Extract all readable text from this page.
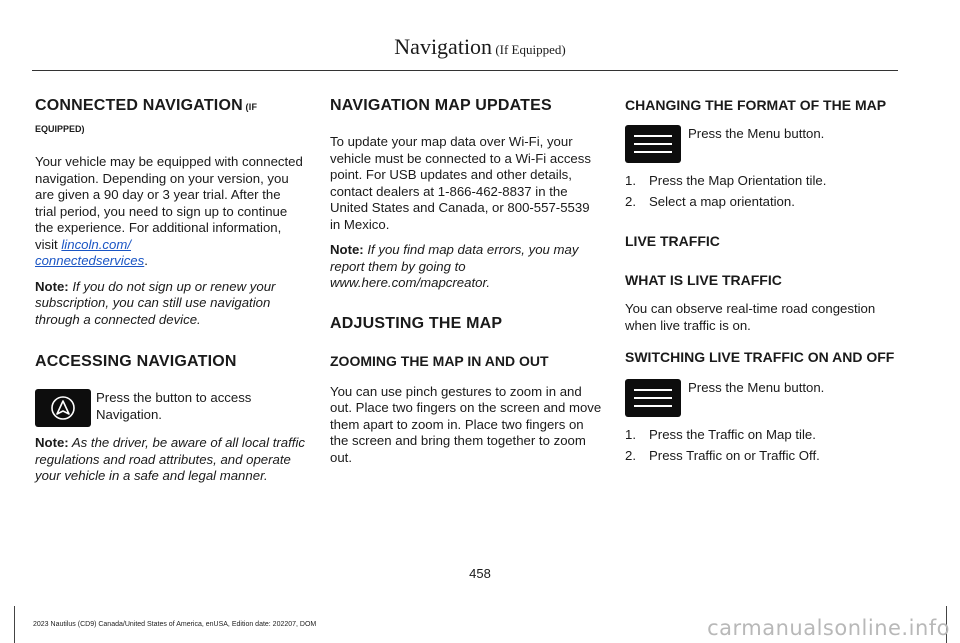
Navigation (If Equipped)
CONNECTED NAVIGATION (IF
EQUIPPED)

Your vehicle may be equipped with connected navigation. Depending on your version, you are given a 90 day or 3 year trial. After the trial period, you need to sign up to continue the experience. For additional information, visit lincoln.com/
connectedservices.

Note: If you do not sign up or renew your subscription, you can still use navigation through a connected device.

ACCESSING NAVIGATION

Press the button to access Navigation.

Note: As the driver, be aware of all local traffic regulations and road attributes, and operate your vehicle in a safe and legal manner.

NAVIGATION MAP UPDATES

To update your map data over Wi-Fi, your vehicle must be connected to a Wi-Fi access point. For USB updates and other details, contact dealers at 1-866-462-8837 in the United States and Canada, or 800-557-5539 in Mexico.

Note: If you find map data errors, you may report them by going to www.here.com/mapcreator.

ADJUSTING THE MAP
ZOOMING THE MAP IN AND OUT

You can use pinch gestures to zoom in and out. Place two fingers on the screen and move them apart to zoom in. Place two fingers on the screen and bring them together to zoom out.

CHANGING THE FORMAT OF THE MAP

Press the Menu button.

1. Press the Map Orientation tile.
2. Select a map orientation.
LIVE TRAFFIC
WHAT IS LIVE TRAFFIC

You can observe real-time road congestion when live traffic is on.

SWITCHING LIVE TRAFFIC ON AND OFF

Press the Menu button.

1. Press the Traffic on Map tile.
2. Press Traffic on or Traffic Off.
458
2023 Nautilus (CD9) Canada/United States of America, enUSA, Edition date: 202207, DOM	carmanualsonline.info
